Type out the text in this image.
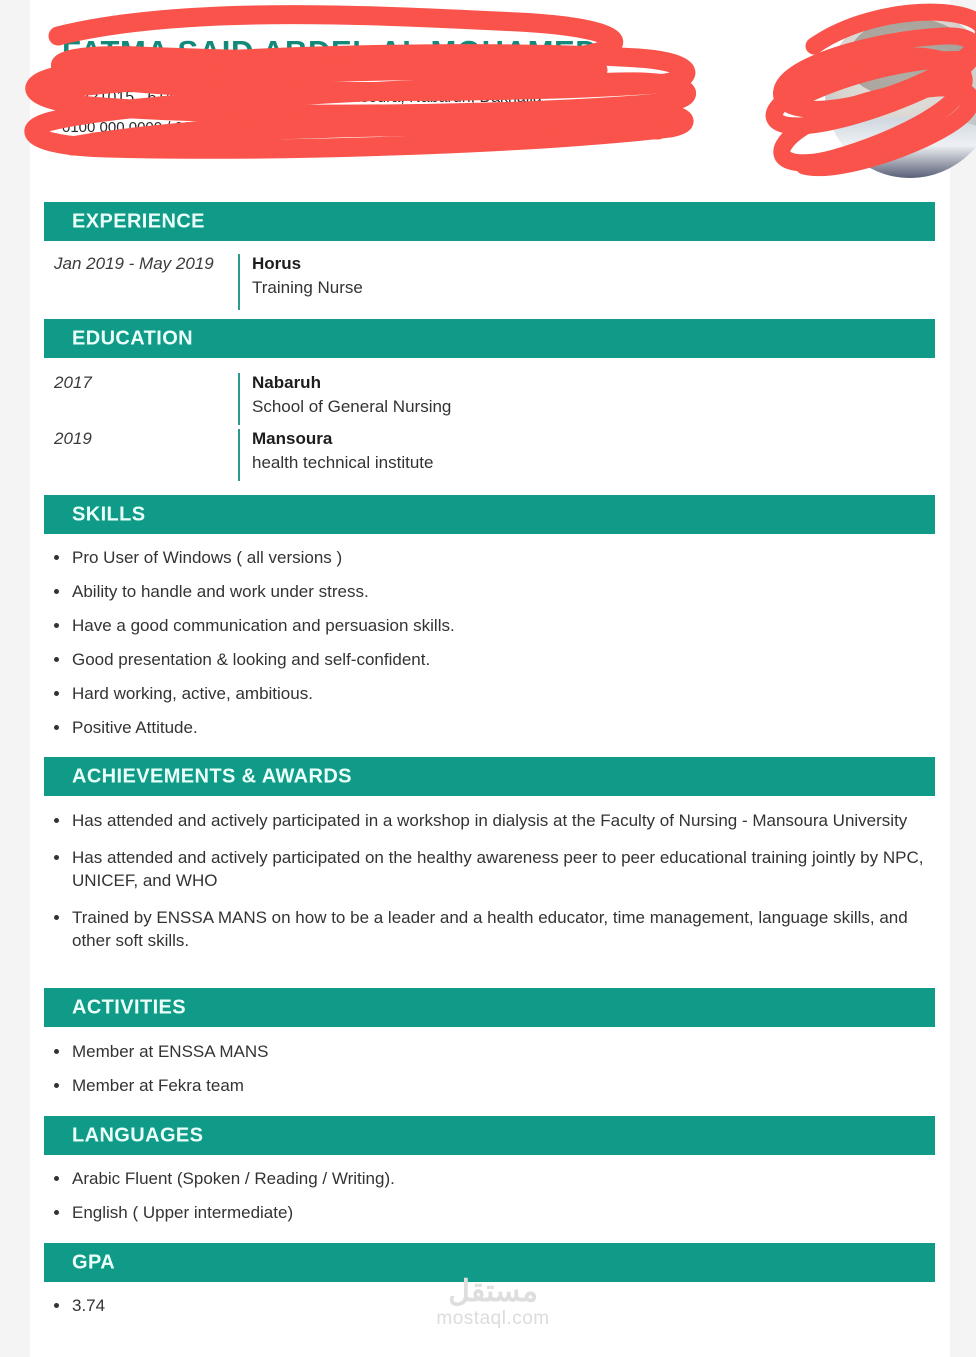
FATMA SAID ABDEL AL MOHAMED
@ f21015...61@gmail.com	● Mansoura, Nabaruh, Dakhalia
0100 000 0000 / 010 0000 0000
EXPERIENCE
Jan 2019 - May 2019	Horus
Training Nurse
EDUCATION
2017	Nabaruh
School of General Nursing
2019	Mansoura
health technical institute
SKILLS
Pro User of Windows ( all versions )
Ability to handle and work under stress.
Have a good communication and persuasion skills.
Good presentation & looking and self-confident.
Hard working, active, ambitious.
Positive Attitude.
ACHIEVEMENTS & AWARDS
Has attended and actively participated in a workshop in dialysis at the Faculty of Nursing - Mansoura University
Has attended and actively participated on the healthy awareness peer to peer educational training jointly by NPC, UNICEF, and WHO
Trained by ENSSA MANS on how to be a leader and a health educator, time management, language skills, and other soft skills.
ACTIVITIES
Member at ENSSA MANS
Member at Fekra team
LANGUAGES
Arabic Fluent (Spoken / Reading / Writing).
English ( Upper intermediate)
GPA
3.74	مستقل
mostaql.com
